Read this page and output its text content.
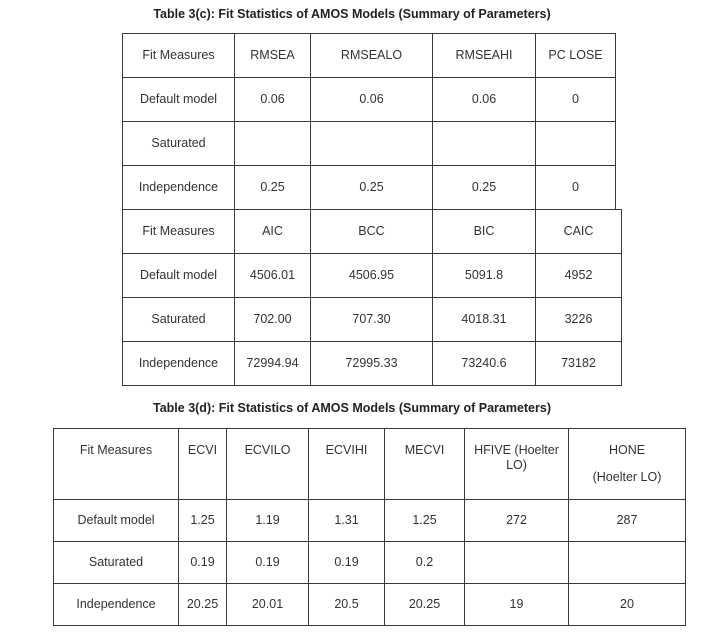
Table 3(c): Fit Statistics of AMOS Models (Summary of Parameters)
Fit Measures	RMSEA	RMSEALO	RMSEAHI	PC LOSE
Default model	0.06	0.06	0.06	0
Saturated				
Independence	0.25	0.25	0.25	0
Fit Measures	AIC	BCC	BIC	CAIC
Default model	4506.01	4506.95	5091.8	4952
Saturated	702.00	707.30	4018.31	3226
Independence	72994.94	72995.33	73240.6	73182
Table 3(d): Fit Statistics of AMOS Models (Summary of Parameters)
Fit Measures	ECVI	ECVILO	ECVIHI	MECVI	HFIVE (Hoelter LO)	HONE
(Hoelter LO)

Default model	1.25	1.19	1.31	1.25	272	287
Saturated	0.19	0.19	0.19	0.2		
Independence	20.25	20.01	20.5	20.25	19	20
